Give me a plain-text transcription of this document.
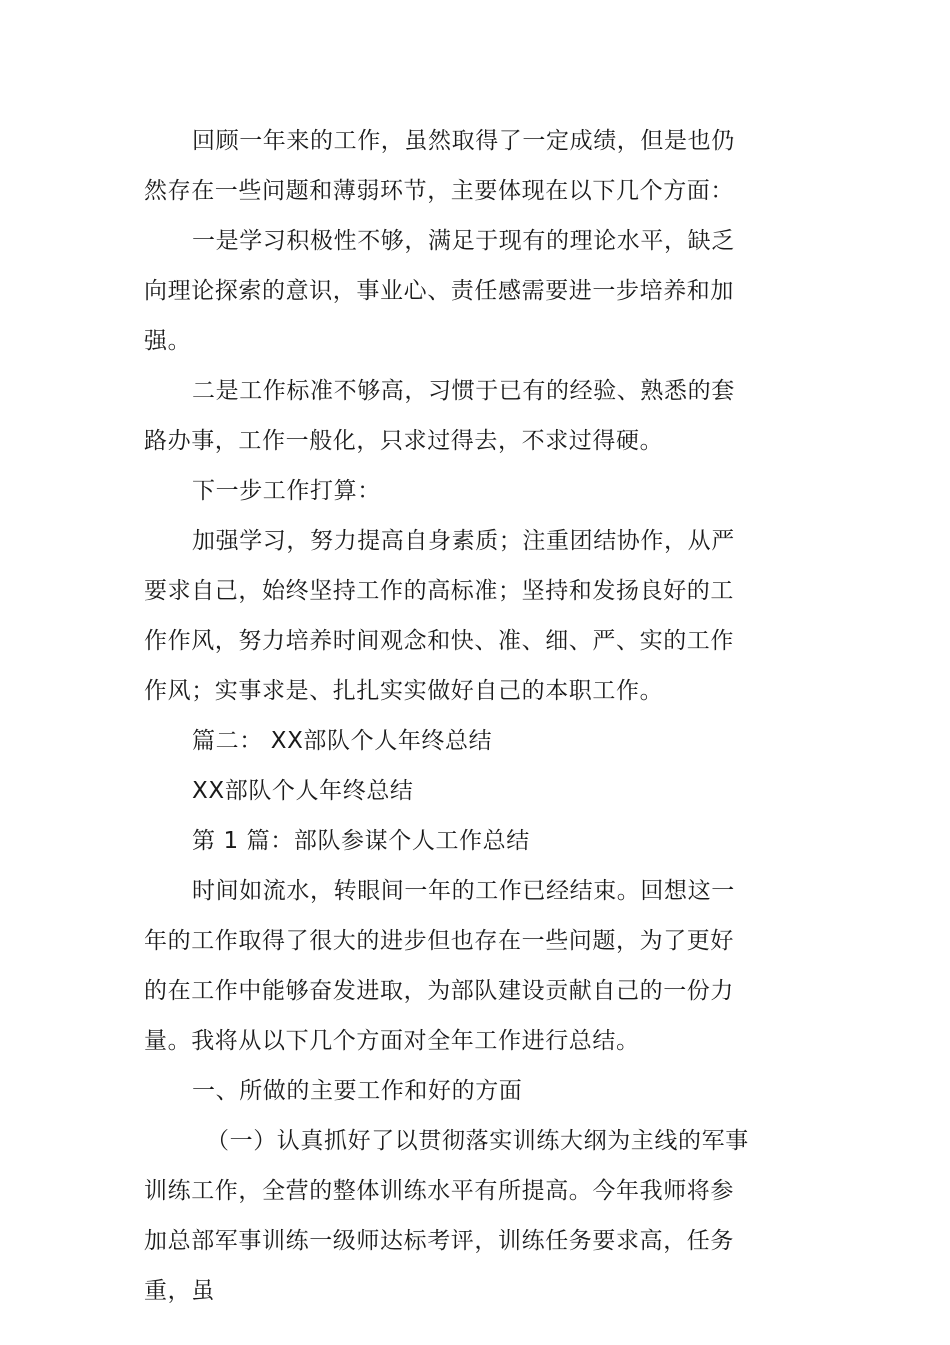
回顾一年来的工作，虽然取得了一定成绩，但是也仍然存在一些问题和薄弱环节，主要体现在以下几个方面：

一是学习积极性不够，满足于现有的理论水平，缺乏向理论探索的意识，事业心、责任感需要进一步培养和加强。

二是工作标准不够高，习惯于已有的经验、熟悉的套路办事，工作一般化，只求过得去，不求过得硬。

下一步工作打算：

加强学习，努力提高自身素质；注重团结协作，从严要求自己，始终坚持工作的高标准；坚持和发扬良好的工作作风，努力培养时间观念和快、准、细、严、实的工作作风；实事求是、扎扎实实做好自己的本职工作。

篇二： XX部队个人年终总结

XX部队个人年终总结

第 1 篇：部队参谋个人工作总结

时间如流水，转眼间一年的工作已经结束。回想这一年的工作取得了很大的进步但也存在一些问题，为了更好的在工作中能够奋发进取，为部队建设贡献自己的一份力量。我将从以下几个方面对全年工作进行总结。

一、所做的主要工作和好的方面

（一）认真抓好了以贯彻落实训练大纲为主线的军事训练工作，全营的整体训练水平有所提高。今年我师将参加总部军事训练一级师达标考评，训练任务要求高，任务重，虽
